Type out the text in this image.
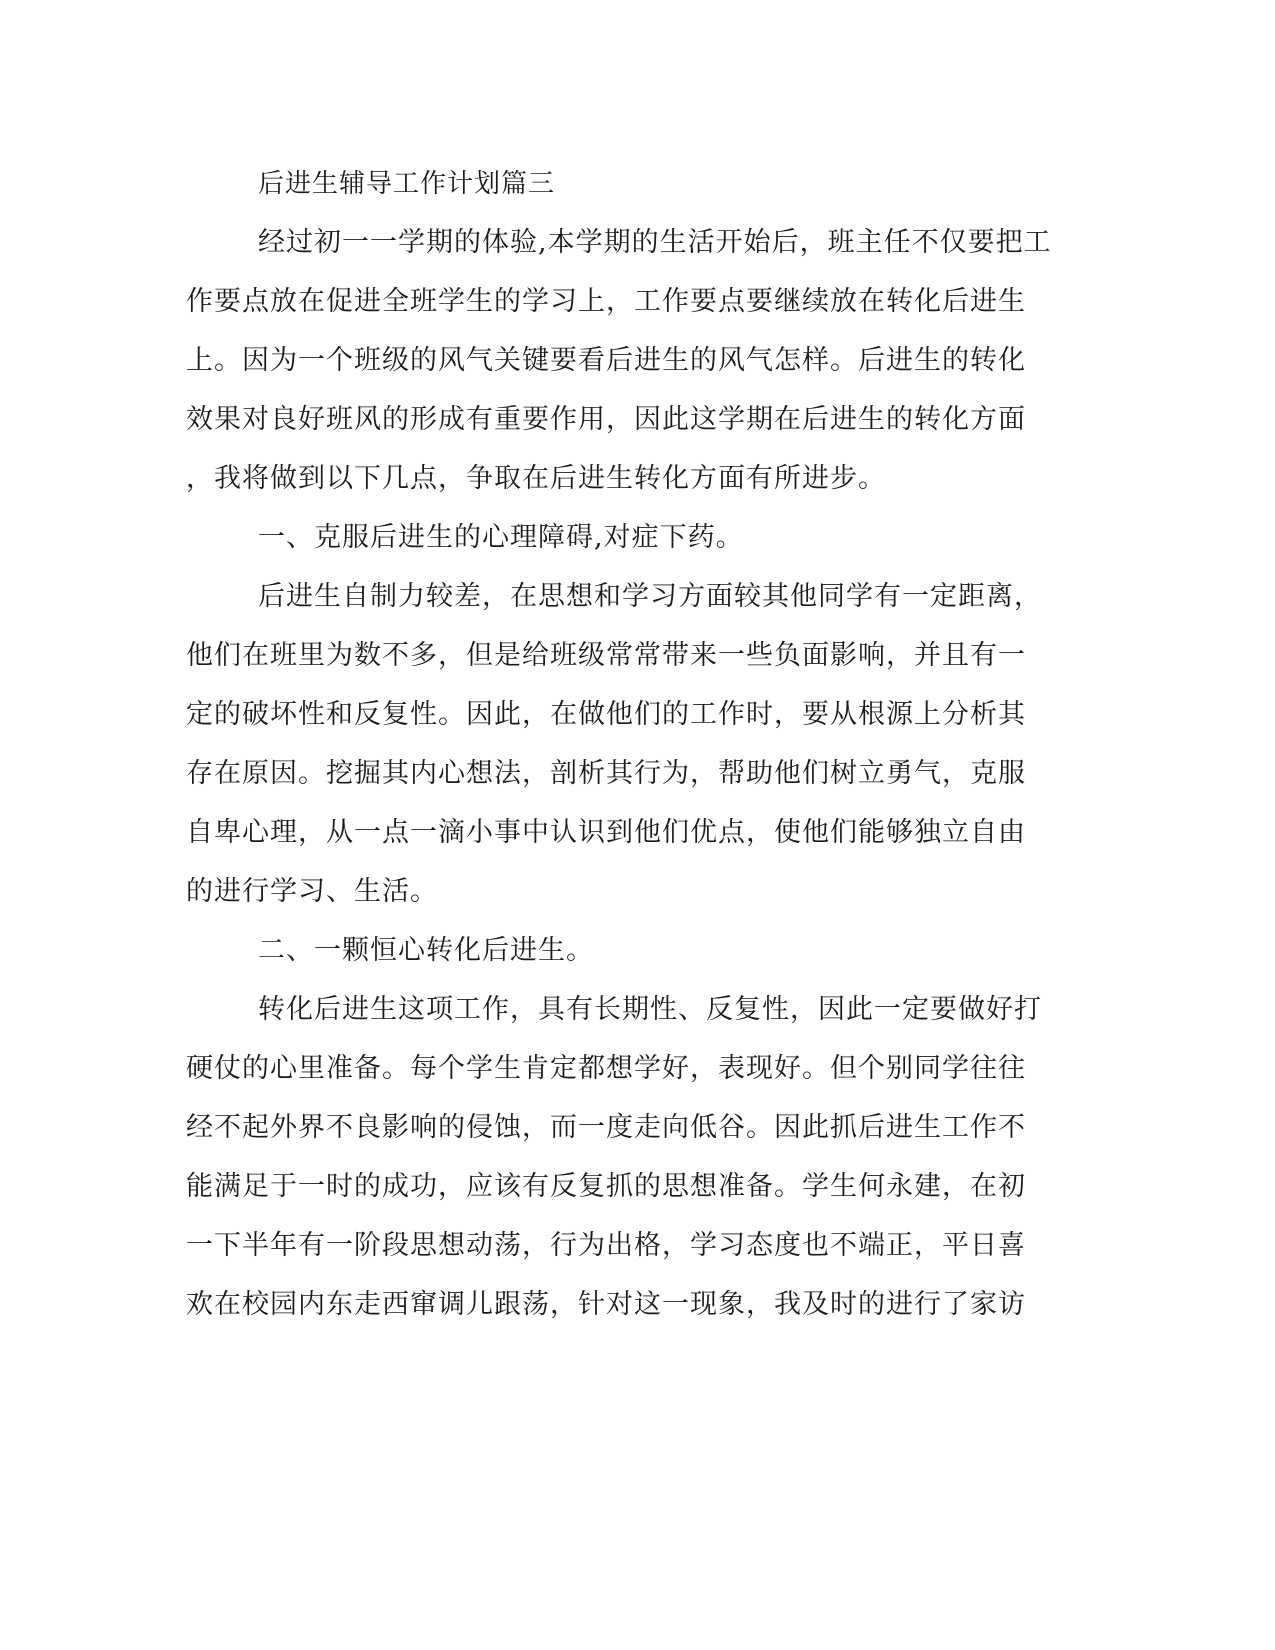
后进生辅导工作计划篇三
经过初一一学期的体验,本学期的生活开始后，班主任不仅要把工
作要点放在促进全班学生的学习上，工作要点要继续放在转化后进生
上。因为一个班级的风气关键要看后进生的风气怎样。后进生的转化
效果对良好班风的形成有重要作用，因此这学期在后进生的转化方面
，我将做到以下几点，争取在后进生转化方面有所进步。
一、克服后进生的心理障碍,对症下药。
后进生自制力较差，在思想和学习方面较其他同学有一定距离，
他们在班里为数不多，但是给班级常常带来一些负面影响，并且有一
定的破坏性和反复性。因此，在做他们的工作时，要从根源上分析其
存在原因。挖掘其内心想法，剖析其行为，帮助他们树立勇气，克服
自卑心理，从一点一滴小事中认识到他们优点，使他们能够独立自由
的进行学习、生活。
二、一颗恒心转化后进生。
转化后进生这项工作，具有长期性、反复性，因此一定要做好打
硬仗的心里准备。每个学生肯定都想学好，表现好。但个别同学往往
经不起外界不良影响的侵蚀，而一度走向低谷。因此抓后进生工作不
能满足于一时的成功，应该有反复抓的思想准备。学生何永建，在初
一下半年有一阶段思想动荡，行为出格，学习态度也不端正，平日喜
欢在校园内东走西窜调儿跟荡，针对这一现象，我及时的进行了家访
